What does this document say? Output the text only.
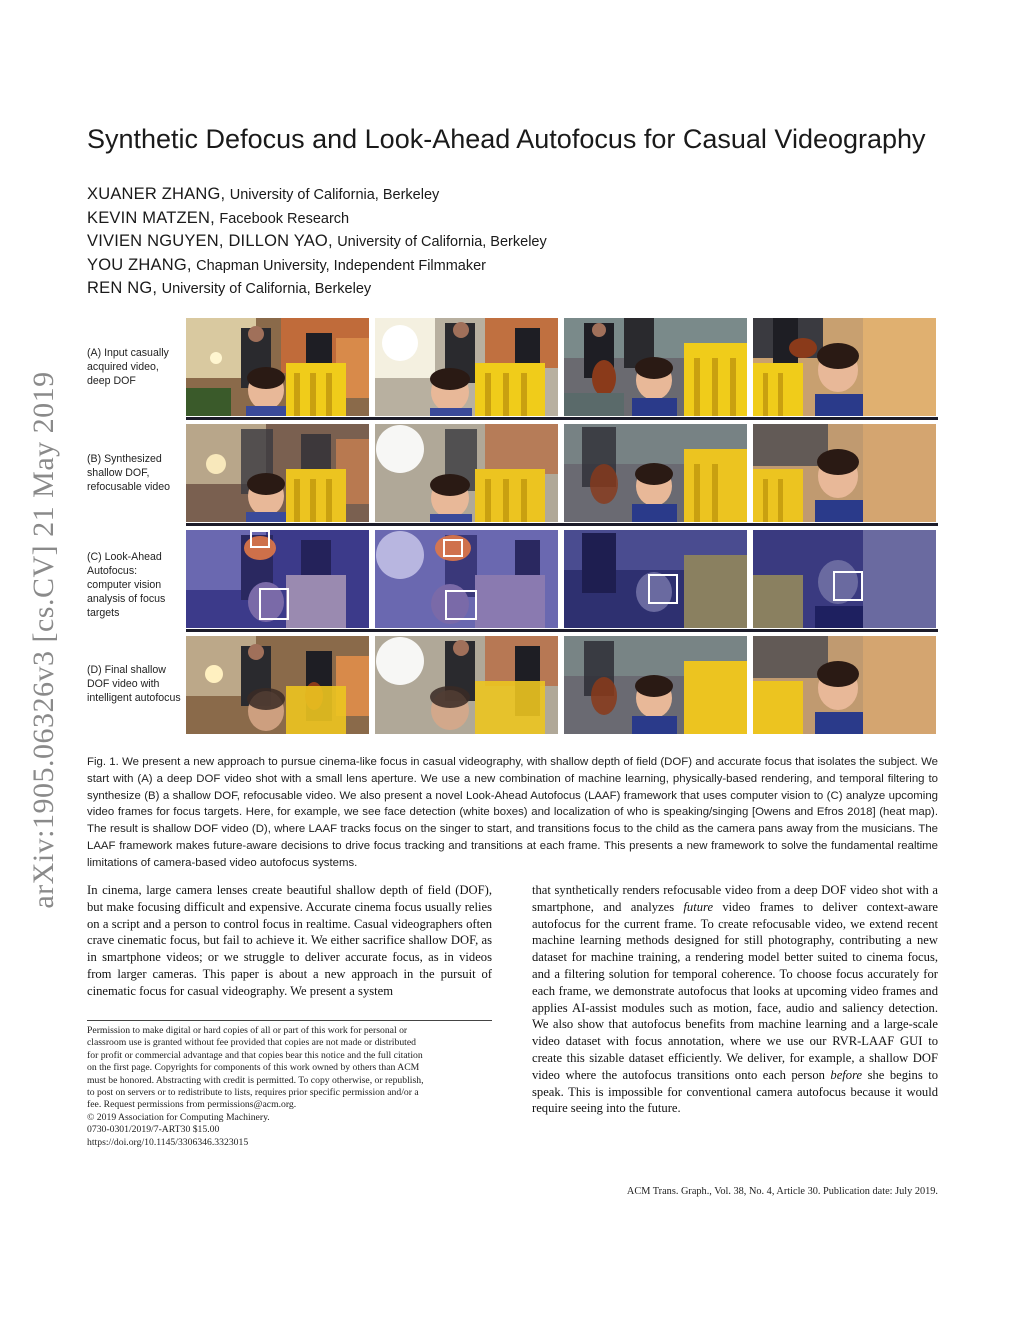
arXiv:1905.06326v3 [cs.CV] 21 May 2019
Synthetic Defocus and Look-Ahead Autofocus for Casual Videography
XUANER ZHANG, University of California, Berkeley
KEVIN MATZEN, Facebook Research
VIVIEN NGUYEN, DILLON YAO, University of California, Berkeley
YOU ZHANG, Chapman University, Independent Filmmaker
REN NG, University of California, Berkeley
(A) Input casually acquired video, deep DOF
(B) Synthesized shallow DOF, refocusable video
(C) Look-Ahead Autofocus: computer vision analysis of focus targets
(D) Final shallow DOF video with intelligent autofocus
Fig. 1. We present a new approach to pursue cinema-like focus in casual videography, with shallow depth of field (DOF) and accurate focus that isolates the subject. We start with (A) a deep DOF video shot with a small lens aperture. We use a new combination of machine learning, physically-based rendering, and temporal filtering to synthesize (B) a shallow DOF, refocusable video. We also present a novel Look-Ahead Autofocus (LAAF) framework that uses computer vision to (C) analyze upcoming video frames for focus targets. Here, for example, we see face detection (white boxes) and localization of who is speaking/singing [Owens and Efros 2018] (heat map). The result is shallow DOF video (D), where LAAF tracks focus on the singer to start, and transitions focus to the child as the camera pans away from the musicians. The LAAF framework makes future-aware decisions to drive focus tracking and transitions at each frame. This presents a new framework to solve the fundamental realtime limitations of camera-based video autofocus systems.
In cinema, large camera lenses create beautiful shallow depth of field (DOF), but make focusing difficult and expensive. Accurate cinema focus usually relies on a script and a person to control focus in realtime. Casual videographers often crave cinematic focus, but fail to achieve it. We either sacrifice shallow DOF, as in smartphone videos; or we struggle to deliver accurate focus, as in videos from larger cameras. This paper is about a new approach in the pursuit of cinematic focus for casual videography. We present a system
that synthetically renders refocusable video from a deep DOF video shot with a smartphone, and analyzes future video frames to deliver context-aware autofocus for the current frame. To create refocusable video, we extend recent machine learning methods designed for still photography, contributing a new dataset for machine training, a rendering model better suited to cinema focus, and a filtering solution for temporal coherence. To choose focus accurately for each frame, we demonstrate autofocus that looks at upcoming video frames and applies AI-assist modules such as motion, face, audio and saliency detection. We also show that autofocus benefits from machine learning and a large-scale video dataset with focus annotation, where we use our RVR-LAAF GUI to create this sizable dataset efficiently. We deliver, for example, a shallow DOF video where the autofocus transitions onto each person before she begins to speak. This is impossible for conventional camera autofocus because it would require seeing into the future.
Permission to make digital or hard copies of all or part of this work for personal or
classroom use is granted without fee provided that copies are not made or distributed
for profit or commercial advantage and that copies bear this notice and the full citation
on the first page. Copyrights for components of this work owned by others than ACM
must be honored. Abstracting with credit is permitted. To copy otherwise, or republish,
to post on servers or to redistribute to lists, requires prior specific permission and/or a
fee. Request permissions from permissions@acm.org.
© 2019 Association for Computing Machinery.
0730-0301/2019/7-ART30 $15.00
https://doi.org/10.1145/3306346.3323015
ACM Trans. Graph., Vol. 38, No. 4, Article 30. Publication date: July 2019.
